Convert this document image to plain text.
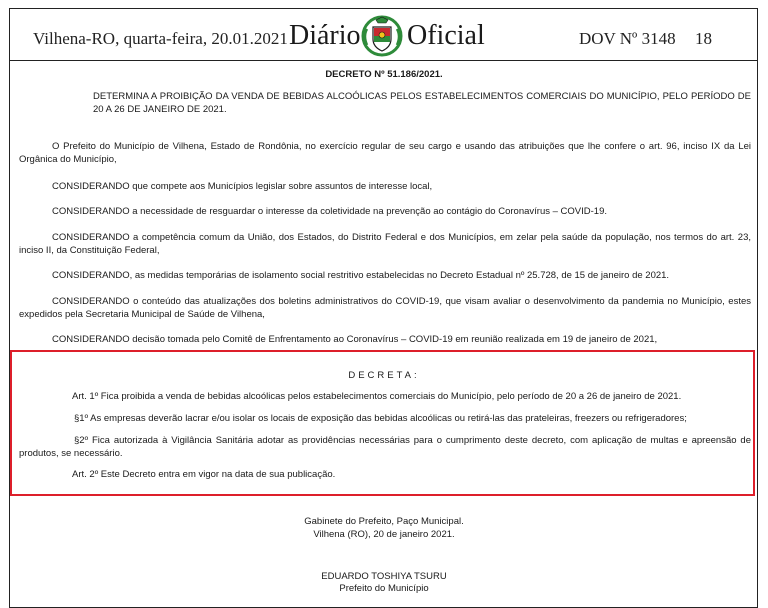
Vilhena-RO, quarta-feira, 20.01.2021 Diário Oficial	DOV Nº 3148 18
DECRETO Nº 51.186/2021.
DETERMINA A PROIBIÇÃO DA VENDA DE BEBIDAS ALCOÓLICAS PELOS ESTABELECIMENTOS COMERCIAIS DO MUNICÍPIO, PELO PERÍODO DE 20 A 26 DE JANEIRO DE 2021.
O Prefeito do Município de Vilhena, Estado de Rondônia, no exercício regular de seu cargo e usando das atribuições que lhe confere o art. 96, inciso IX da Lei Orgânica do Município,
CONSIDERANDO que compete aos Municípios legislar sobre assuntos de interesse local,
CONSIDERANDO a necessidade de resguardar o interesse da coletividade na prevenção ao contágio do Coronavírus – COVID-19.
CONSIDERANDO a competência comum da União, dos Estados, do Distrito Federal e dos Municípios, em zelar pela saúde da população, nos termos do art. 23, inciso II, da Constituição Federal,
CONSIDERANDO, as medidas temporárias de isolamento social restritivo estabelecidas no Decreto Estadual nº 25.728, de 15 de janeiro de 2021.
CONSIDERANDO o conteúdo das atualizações dos boletins administrativos do COVID-19, que visam avaliar o desenvolvimento da pandemia no Município, estes expedidos pela Secretaria Municipal de Saúde de Vilhena,
CONSIDERANDO decisão tomada pelo Comitê de Enfrentamento ao Coronavírus – COVID-19 em reunião realizada em 19 de janeiro de 2021,
DECRETA:
Art. 1º Fica proibida a venda de bebidas alcoólicas pelos estabelecimentos comerciais do Município, pelo período de 20 a 26 de janeiro de 2021.
§1º As empresas deverão lacrar e/ou isolar os locais de exposição das bebidas alcoólicas ou retirá-las das prateleiras, freezers ou refrigeradores;
§2º Fica autorizada à Vigilância Sanitária adotar as providências necessárias para o cumprimento deste decreto, com aplicação de multas e apreensão de produtos, se necessário.
Art. 2º Este Decreto entra em vigor na data de sua publicação.
Gabinete do Prefeito, Paço Municipal.
Vilhena (RO), 20 de janeiro 2021.
EDUARDO TOSHIYA TSURU
Prefeito do Município
